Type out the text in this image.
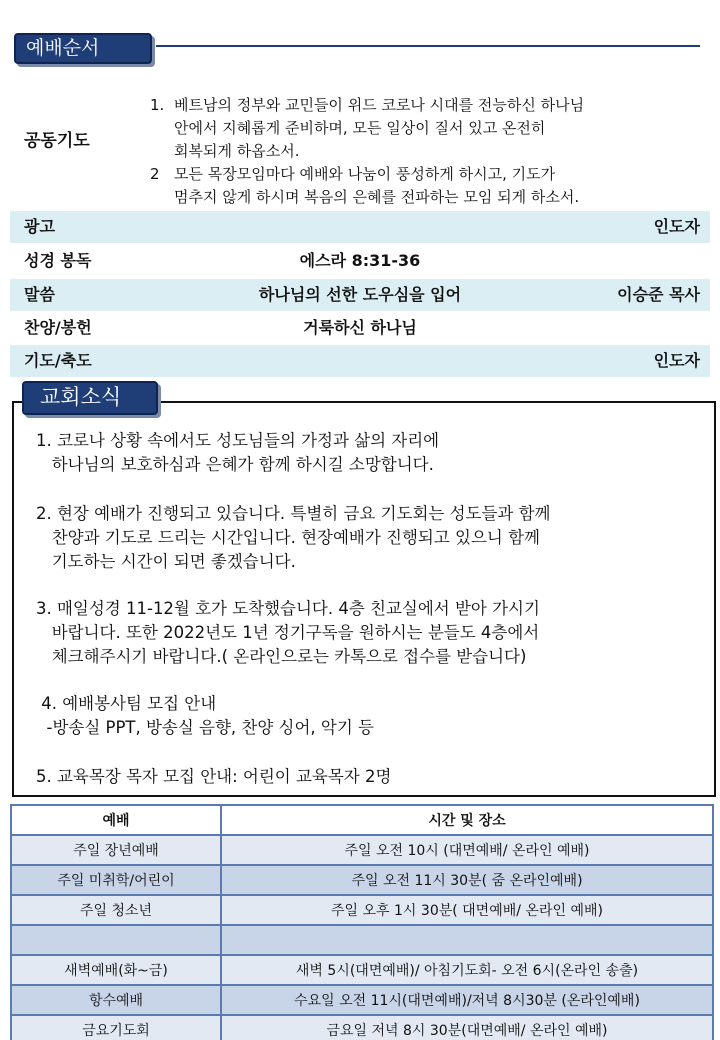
예배순서
공동기도
1. 베트남의 정부와 교민들이 위드 코로나 시대를 전능하신 하나님
안에서 지혜롭게 준비하며, 모든 일상이 질서 있고 온전히
회복되게 하옵소서.
2 모든 목장모임마다 예배와 나눔이 풍성하게 하시고, 기도가
멈추지 않게 하시며 복음의 은혜를 전파하는 모임 되게 하소서.
광고	인도자
성경 봉독	에스라 8:31-36
말씀	하나님의 선한 도우심을 입어	이승준 목사
찬양/봉헌	거룩하신 하나님
기도/축도	인도자
교회소식
1. 코로나 상황 속에서도 성도님들의 가정과 삶의 자리에
하나님의 보호하심과 은혜가 함께 하시길 소망합니다.
2. 현장 예배가 진행되고 있습니다. 특별히 금요 기도회는 성도들과 함께
찬양과 기도로 드리는 시간입니다. 현장예배가 진행되고 있으니 함께
기도하는 시간이 되면 좋겠습니다.
3. 매일성경 11-12월 호가 도착했습니다. 4층 친교실에서 받아 가시기
바랍니다. 또한 2022년도 1년 정기구독을 원하시는 분들도 4층에서
체크해주시기 바랍니다.( 온라인으로는 카톡으로 접수를 받습니다)
4. 예배봉사팀 모집 안내
-방송실 PPT, 방송실 음향, 찬양 싱어, 악기 등
5. 교육목장 목자 모집 안내: 어린이 교육목자 2명
예배	시간 및 장소
주일 장년예배	주일 오전 10시 (대면예배/ 온라인 예배)
주일 미취학/어린이	주일 오전 11시 30분( 줌 온라인예배)
주일 청소년	주일 오후 1시 30분( 대면예배/ 온라인 예배)

새벽예배(화~금)	새벽 5시(대면예배)/ 아침기도회- 오전 6시(온라인 송출)
항수예배	수요일 오전 11시(대면예배)/저녁 8시30분 (온라인예배)
금요기도회	금요일 저녁 8시 30분(대면예배/ 온라인 예배)
